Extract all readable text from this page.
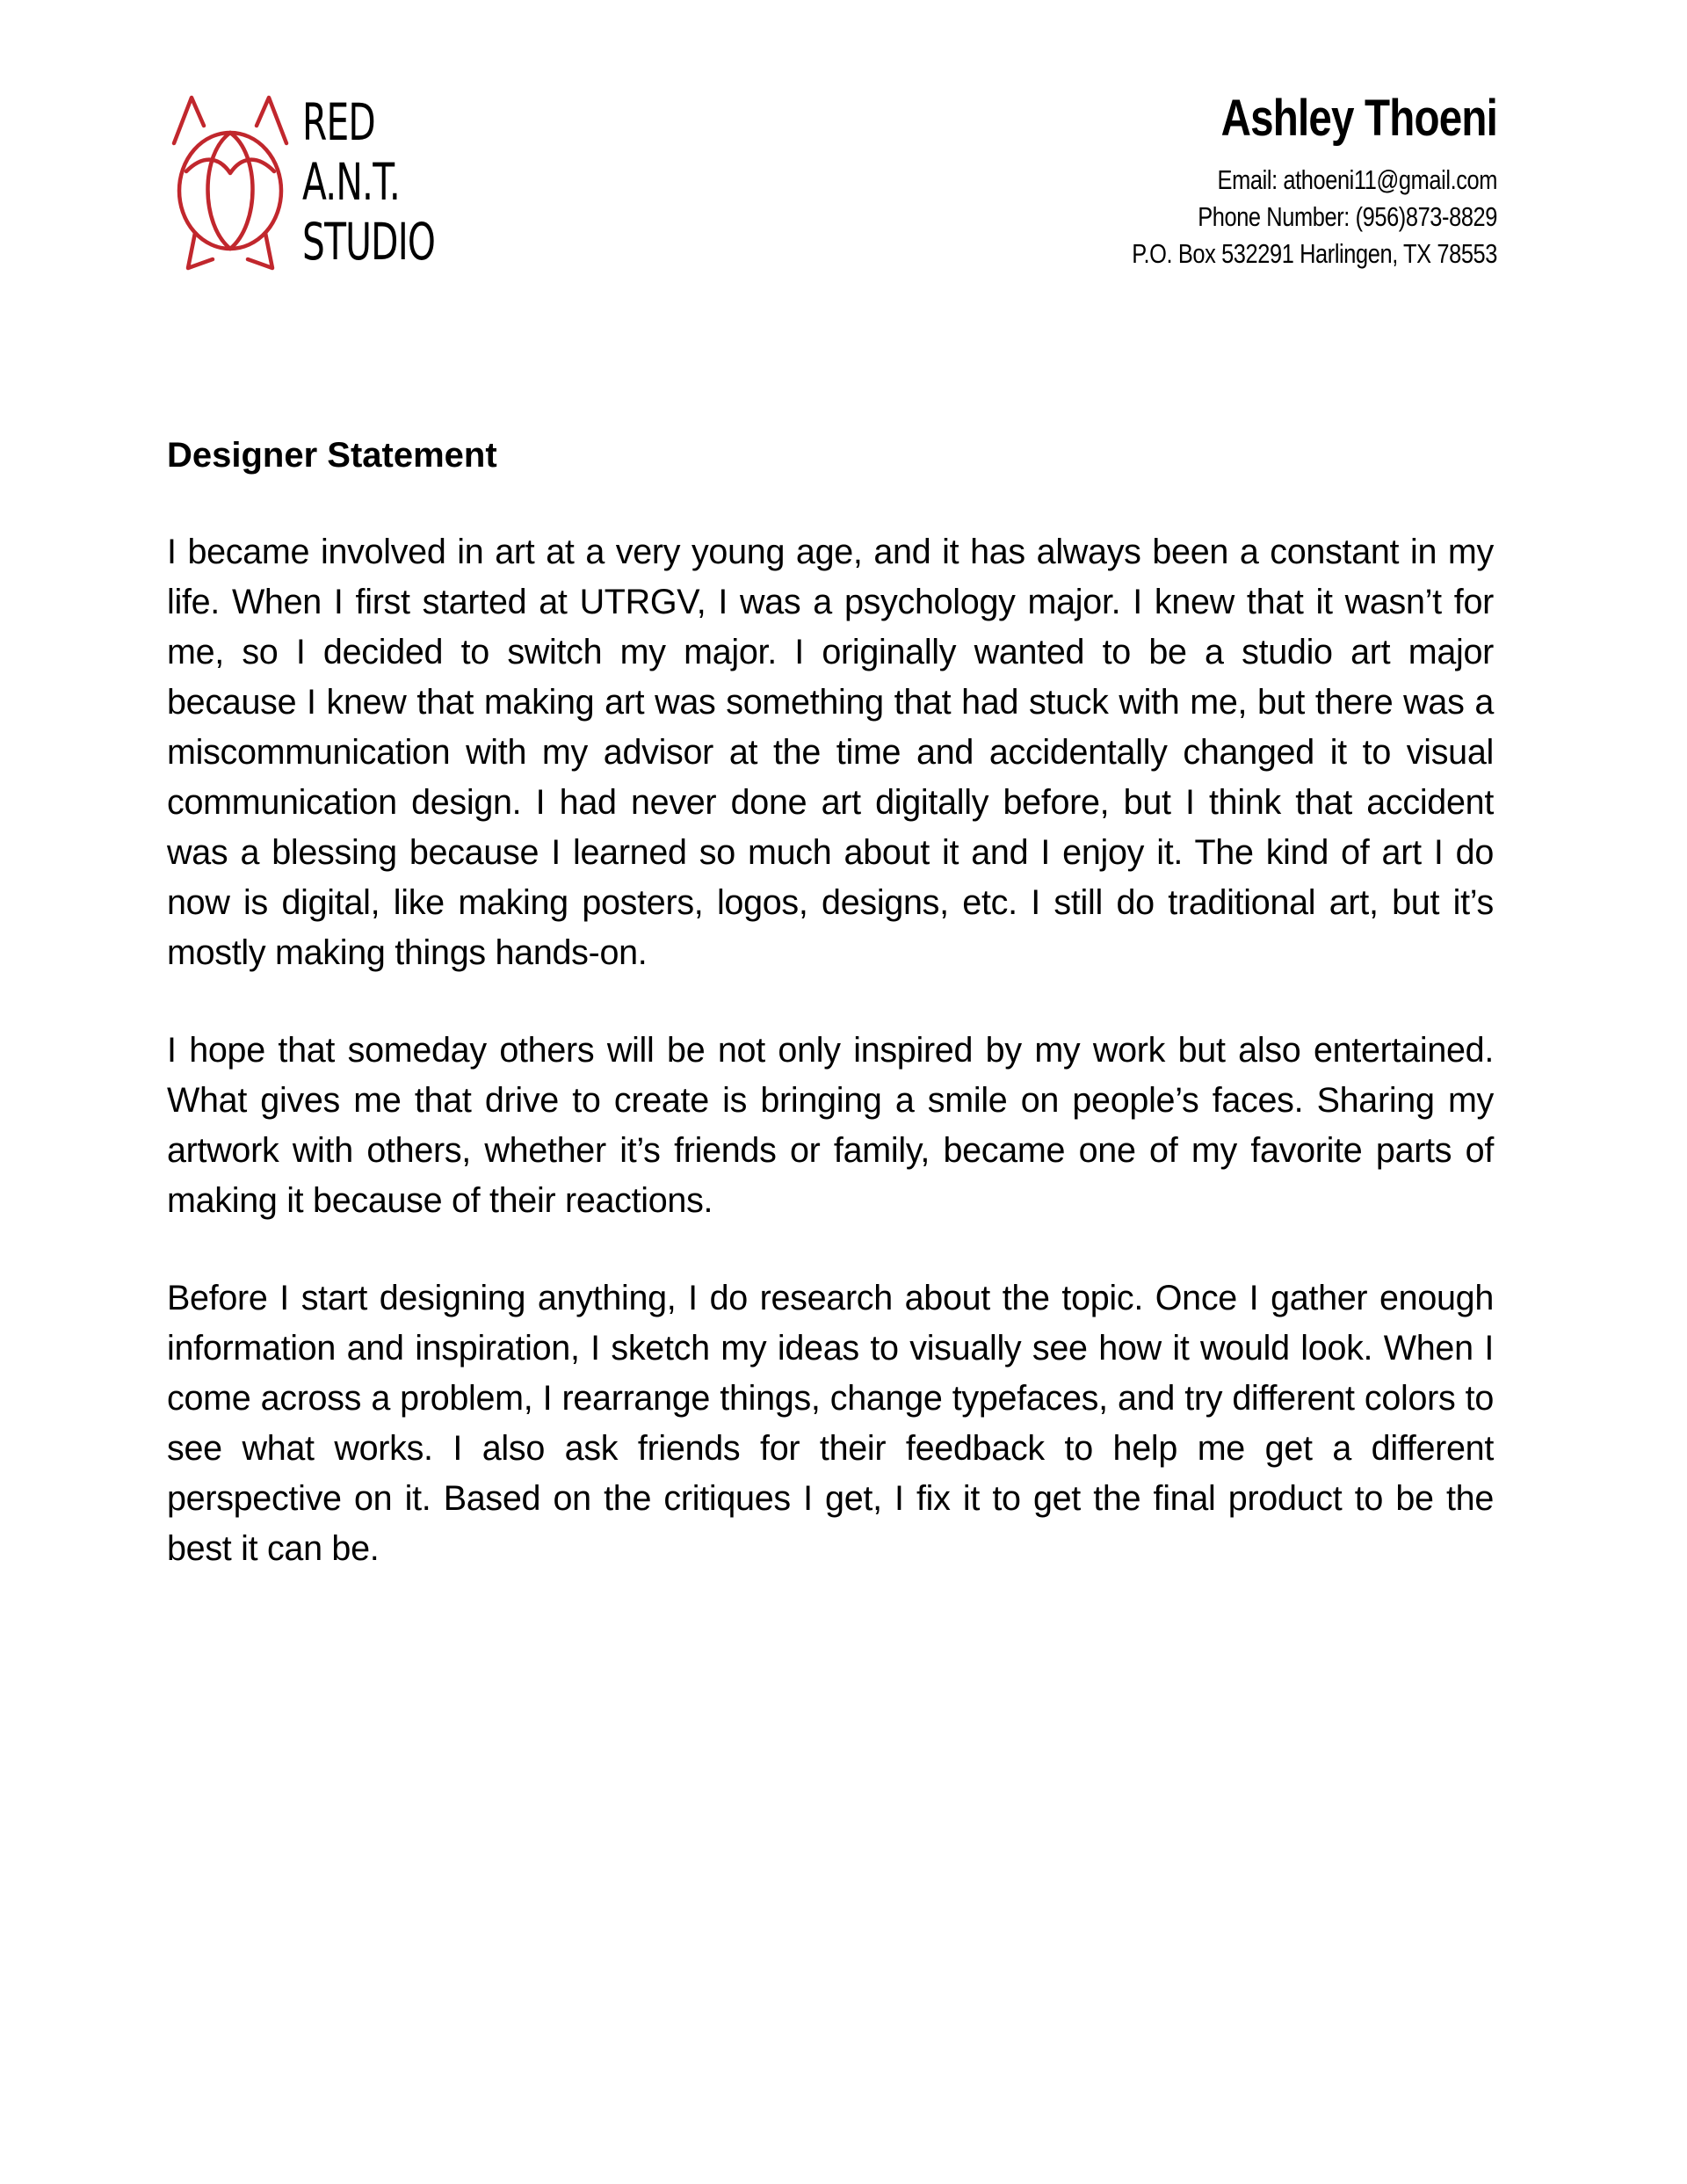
RED
A.N.T.
STUDIO
Ashley Thoeni
Email: athoeni11@gmail.com
Phone Number: (956)873-8829
P.O. Box 532291 Harlingen, TX 78553
Designer Statement

I became involved in art at a very young age, and it has always been a constant in my life. When I first started at UTRGV, I was a psychology major. I knew that it wasn’t for me, so I decided to switch my major. I originally wanted to be a studio art major because I knew that making art was something that had stuck with me, but there was a miscommunication with my advisor at the time and accidentally changed it to visual communication design. I had never done art digitally before, but I think that accident was a blessing because I learned so much about it and I enjoy it. The kind of art I do now is digital, like making posters, logos, designs, etc. I still do traditional art, but it’s mostly making things hands-on.

I hope that someday others will be not only inspired by my work but also entertained. What gives me that drive to create is bringing a smile on people’s faces. Sharing my artwork with others, whether it’s friends or family, became one of my favorite parts of making it because of their reactions.

Before I start designing anything, I do research about the topic. Once I gather enough information and inspiration, I sketch my ideas to visually see how it would look. When I come across a problem, I rearrange things, change typefaces, and try different colors to see what works. I also ask friends for their feedback to help me get a different perspective on it. Based on the critiques I get, I fix it to get the final product to be the best it can be.
